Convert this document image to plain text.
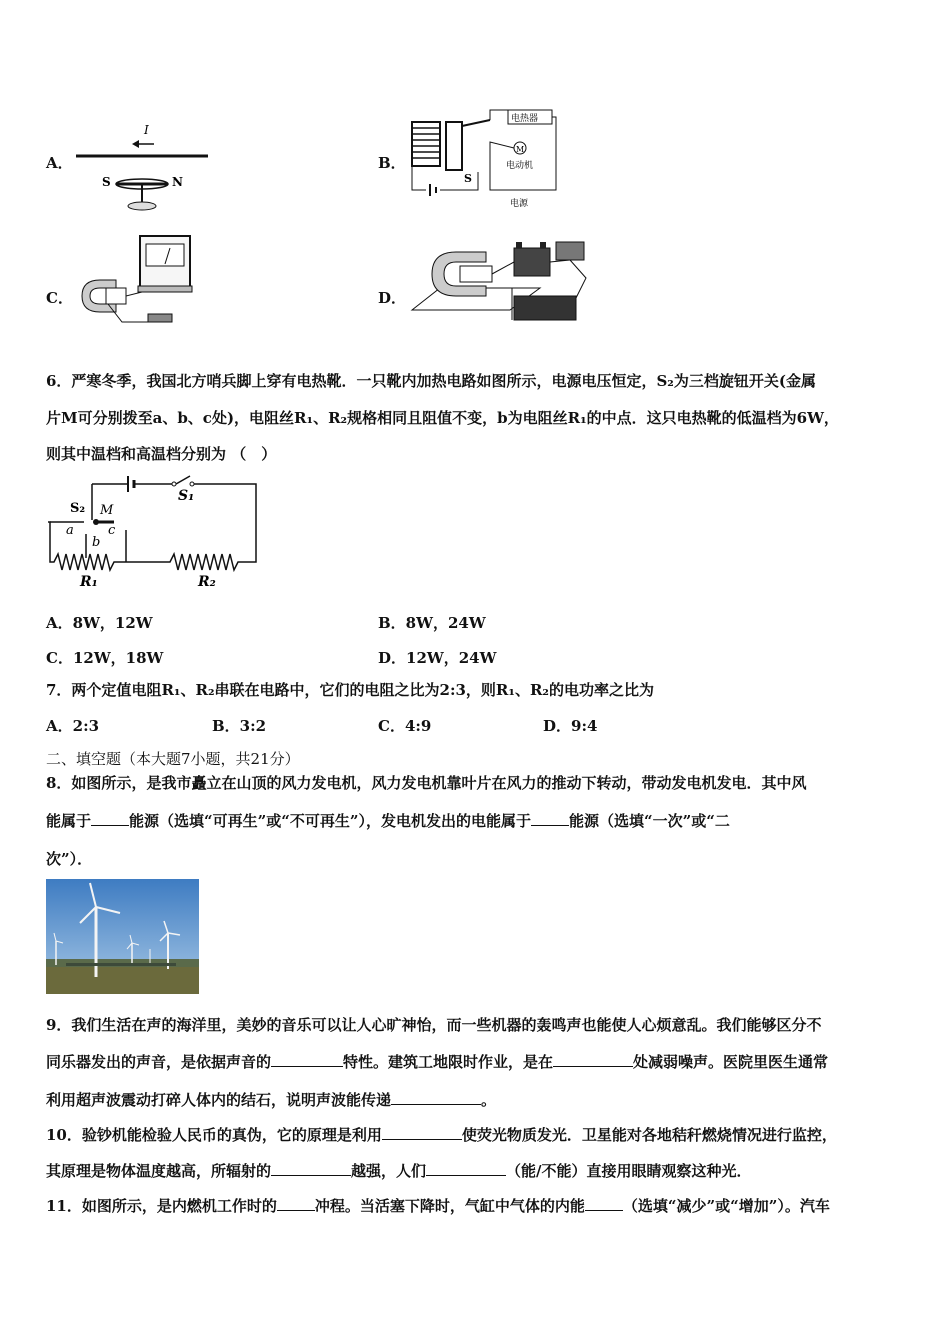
A．
I
S	N
B．
电热器
M
电动机
S
电源
C．	D．
6．严寒冬季，我国北方哨兵脚上穿有电热靴．一只靴内加热电路如图所示，电源电压恒定，S₂为三档旋钮开关(金属
片M可分别拨至a、b、c处)，电阻丝R₁、R₂规格相同且阻值不变，b为电阻丝R₁的中点．这只电热靴的低温档为6W，
则其中温档和高温档分别为 （　）
S₁
S₂ M
a
b
c
R₁	R₂
A．8W，12W	B．8W，24W
C．12W，18W	D．12W，24W
7．两个定值电阻R₁、R₂串联在电路中，它们的电阻之比为2:3，则R₁、R₂的电功率之比为
A．2:3	B．3:2	C．4:9	D．9:4
二、填空题（本大题7小题，共21分）
8．如图所示，是我市矗立在山顶的风力发电机，风力发电机靠叶片在风力的推动下转动，带动发电机发电．其中风
能属于	能源（选填“可再生”或“不可再生”），发电机发出的电能属于	能源（选填“一次”或“二
次”）．
9．我们生活在声的海洋里，美妙的音乐可以让人心旷神怡，而一些机器的轰鸣声也能使人心烦意乱。我们能够区分不
同乐器发出的声音，是依据声音的	特性。建筑工地限时作业，是在	处减弱噪声。医院里医生通常
利用超声波震动打碎人体内的结石，说明声波能传递	。
10．验钞机能检验人民币的真伪，它的原理是利用	使荧光物质发光．卫星能对各地秸秆燃烧情况进行监控，
其原理是物体温度越高，所辐射的	越强，人们	（能/不能）直接用眼睛观察这种光．
11．如图所示，是内燃机工作时的	冲程。当活塞下降时，气缸中气体的内能	（选填“减少”或“增加”）。汽车
